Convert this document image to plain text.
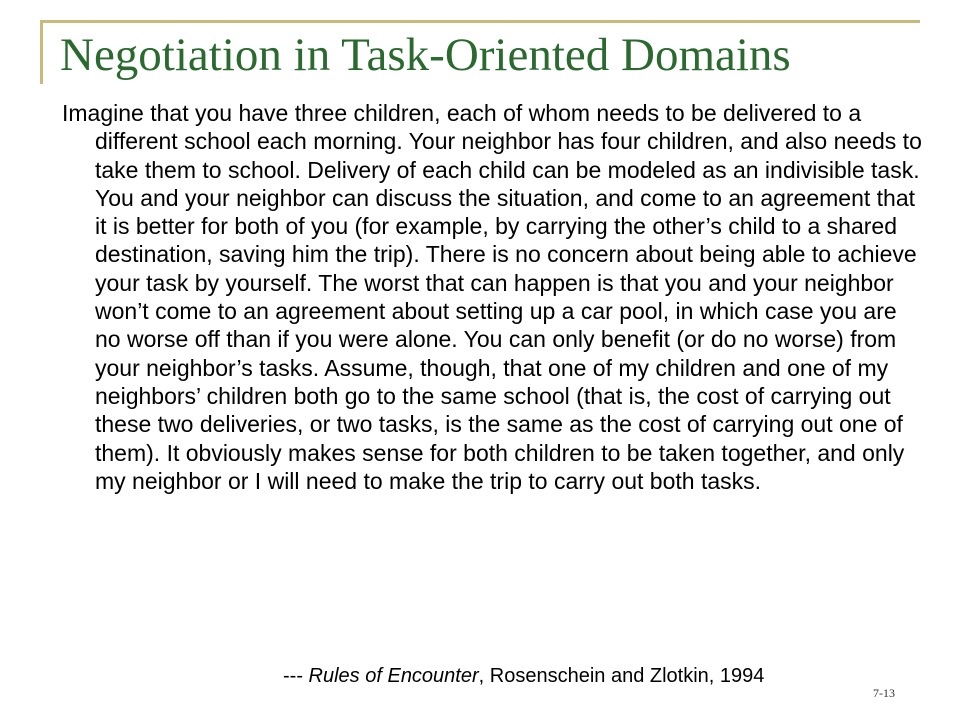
Negotiation in Task-Oriented Domains

Imagine that you have three children, each of whom needs to be delivered to a different school each morning. Your neighbor has four children, and also needs to take them to school. Delivery of each child can be modeled as an indivisible task. You and your neighbor can discuss the situation, and come to an agreement that it is better for both of you (for example, by carrying the other’s child to a shared destination, saving him the trip). There is no concern about being able to achieve your task by yourself. The worst that can happen is that you and your neighbor won’t come to an agreement about setting up a car pool, in which case you are no worse off than if you were alone. You can only benefit (or do no worse) from your neighbor’s tasks. Assume, though, that one of my children and one of my neighbors’ children both go to the same school (that is, the cost of carrying out these two deliveries, or two tasks, is the same as the cost of carrying out one of them). It obviously makes sense for both children to be taken together, and only my neighbor or I will need to make the trip to carry out both tasks.

--- Rules of Encounter, Rosenschein and Zlotkin, 1994

7-13
